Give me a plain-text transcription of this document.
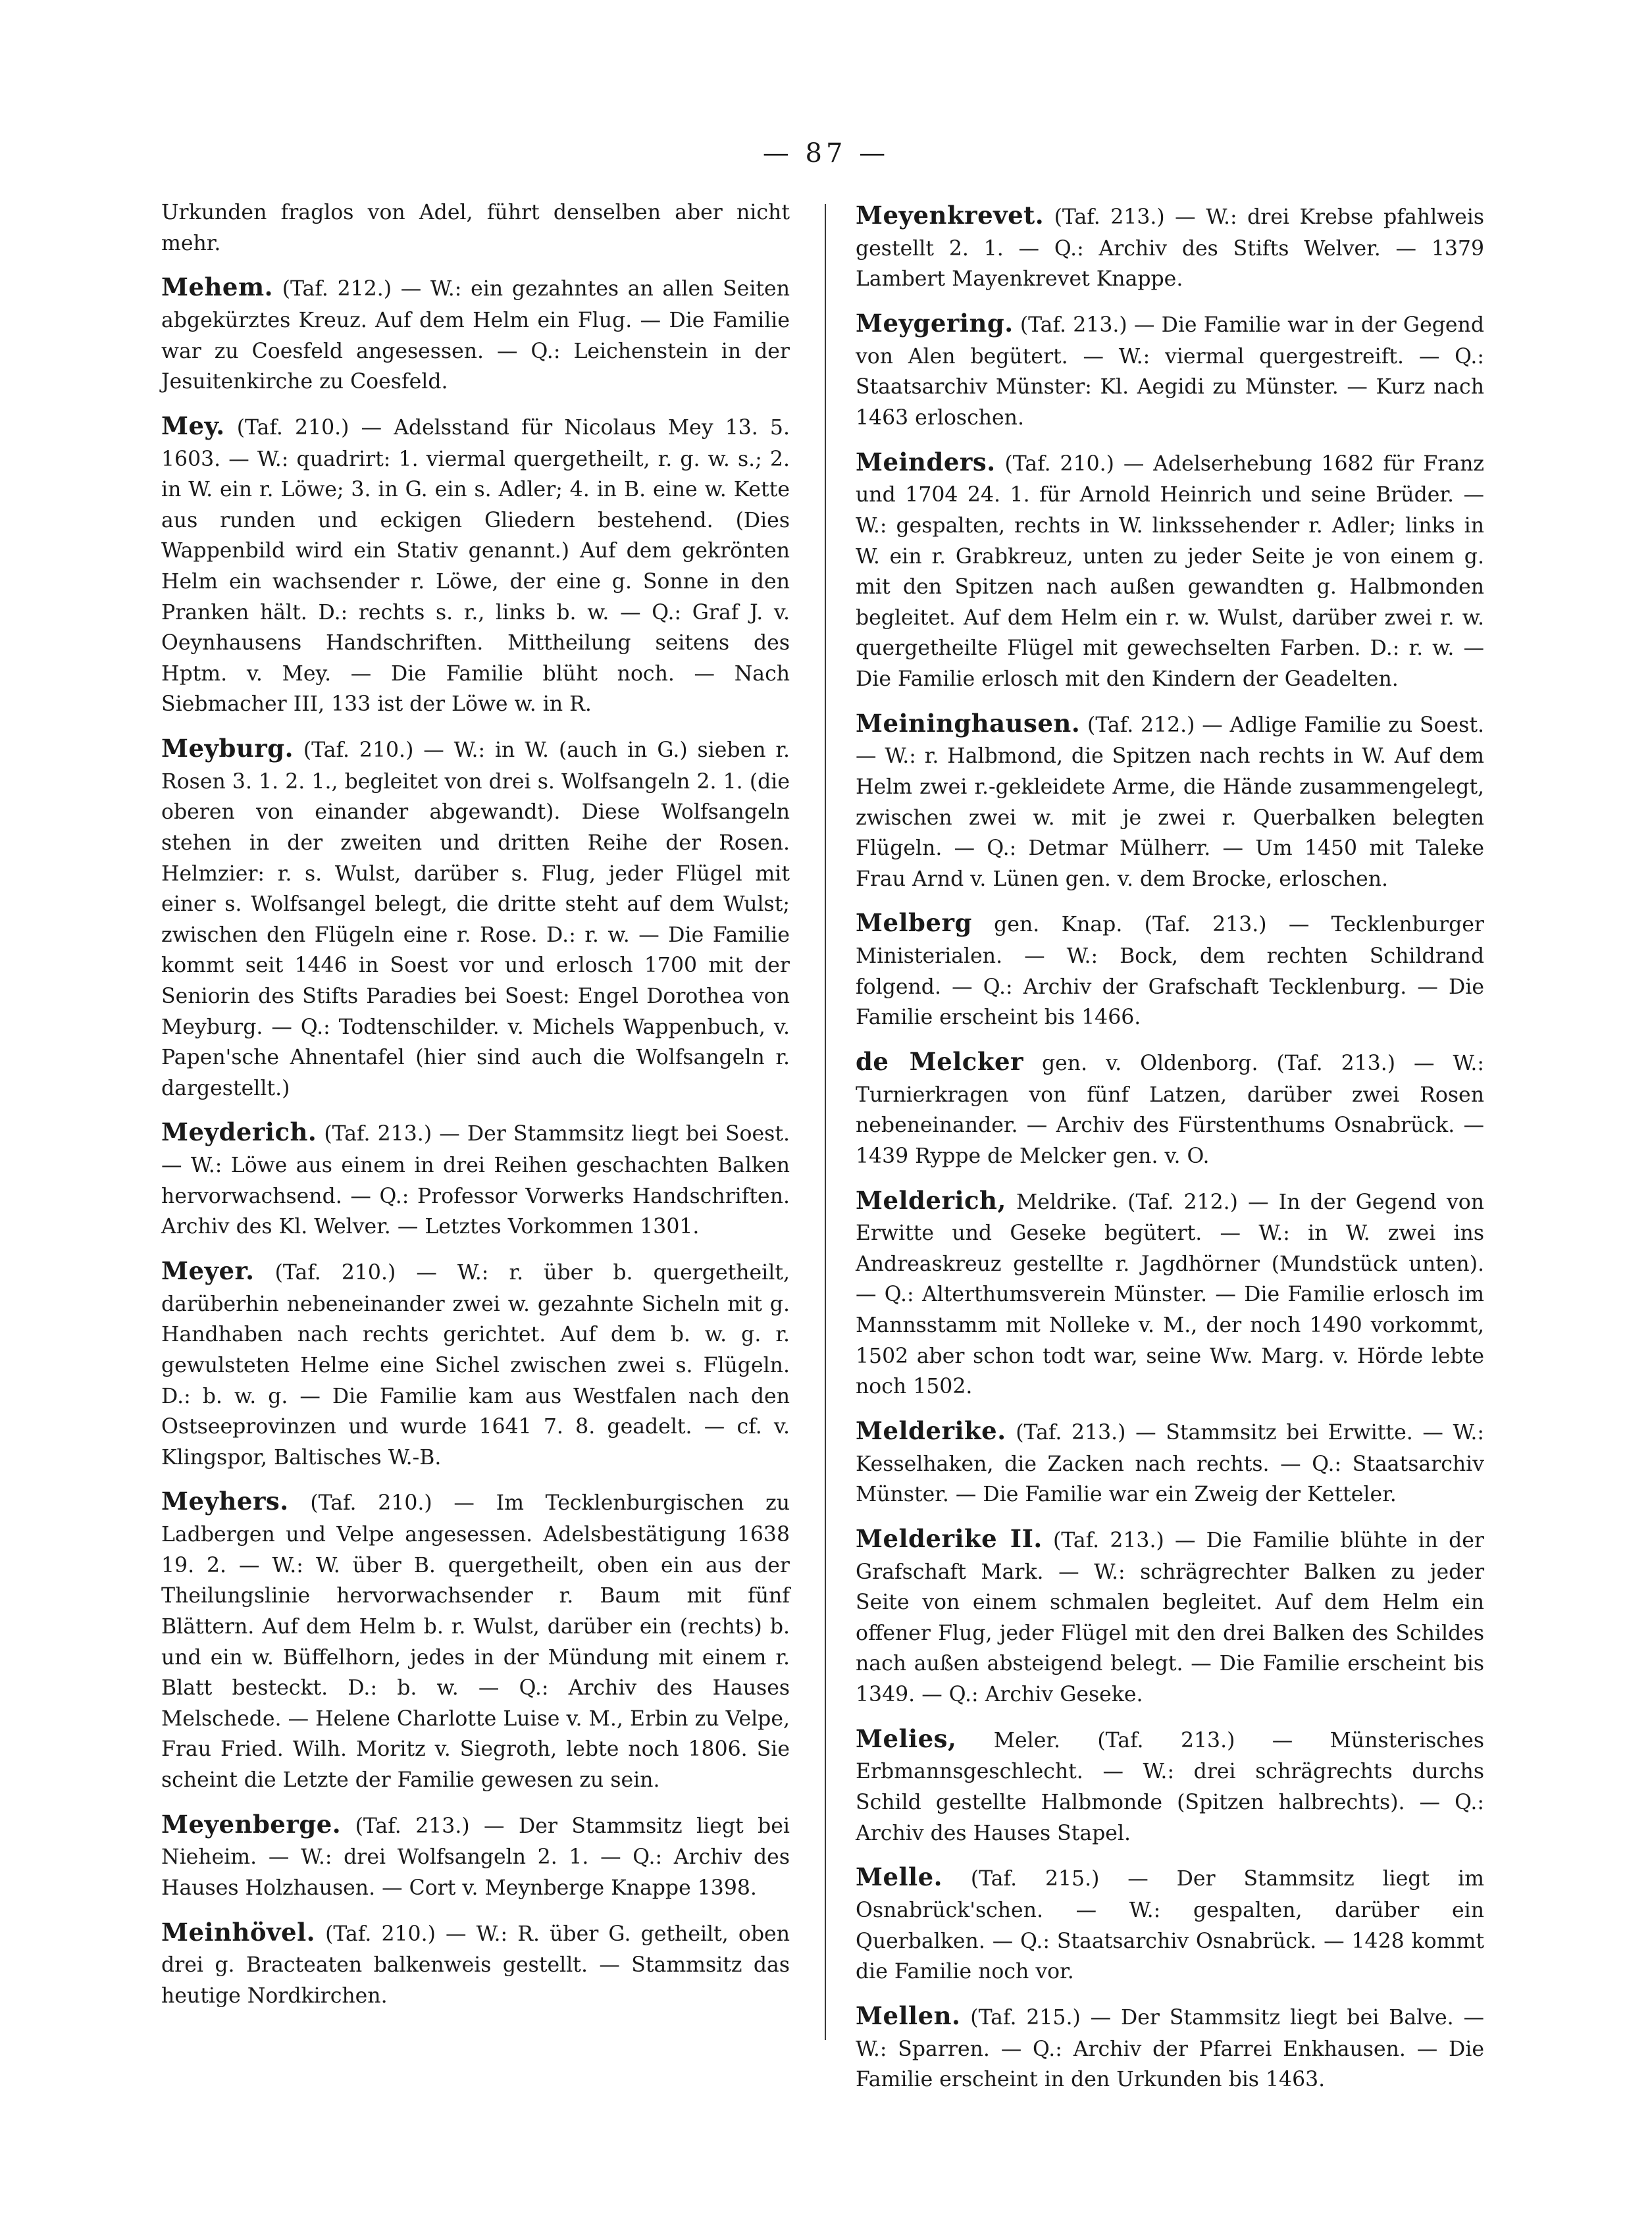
— 87 —

Urkunden fraglos von Adel, führt denselben aber nicht mehr.

Mehem. (Taf. 212.) — W.: ein gezahntes an allen Seiten abgekürztes Kreuz. Auf dem Helm ein Flug. — Die Familie war zu Coesfeld angesessen. — Q.: Leichenstein in der Jesuitenkirche zu Coesfeld.

Mey. (Taf. 210.) — Adelsstand für Nicolaus Mey 13. 5. 1603. — W.: quadrirt: 1. viermal quergetheilt, r. g. w. s.; 2. in W. ein r. Löwe; 3. in G. ein s. Adler; 4. in B. eine w. Kette aus runden und eckigen Gliedern bestehend. (Dies Wappenbild wird ein Stativ genannt.) Auf dem gekrönten Helm ein wachsender r. Löwe, der eine g. Sonne in den Pranken hält. D.: rechts s. r., links b. w. — Q.: Graf J. v. Oeynhausens Handschriften. Mittheilung seitens des Hptm. v. Mey. — Die Familie blüht noch. — Nach Siebmacher III, 133 ist der Löwe w. in R.

Meyburg. (Taf. 210.) — W.: in W. (auch in G.) sieben r. Rosen 3. 1. 2. 1., begleitet von drei s. Wolfsangeln 2. 1. (die oberen von einander abgewandt). Diese Wolfsangeln stehen in der zweiten und dritten Reihe der Rosen. Helmzier: r. s. Wulst, darüber s. Flug, jeder Flügel mit einer s. Wolfsangel belegt, die dritte steht auf dem Wulst; zwischen den Flügeln eine r. Rose. D.: r. w. — Die Familie kommt seit 1446 in Soest vor und erlosch 1700 mit der Seniorin des Stifts Paradies bei Soest: Engel Dorothea von Meyburg. — Q.: Todtenschilder. v. Michels Wappenbuch, v. Papen'sche Ahnentafel (hier sind auch die Wolfsangeln r. dargestellt.)

Meyderich. (Taf. 213.) — Der Stammsitz liegt bei Soest. — W.: Löwe aus einem in drei Reihen geschachten Balken hervorwachsend. — Q.: Professor Vorwerks Handschriften. Archiv des Kl. Welver. — Letztes Vorkommen 1301.

Meyer. (Taf. 210.) — W.: r. über b. quergetheilt, darüberhin nebeneinander zwei w. gezahnte Sicheln mit g. Handhaben nach rechts gerichtet. Auf dem b. w. g. r. gewulsteten Helme eine Sichel zwischen zwei s. Flügeln. D.: b. w. g. — Die Familie kam aus Westfalen nach den Ostseeprovinzen und wurde 1641 7. 8. geadelt. — cf. v. Klingspor, Baltisches W.-B.

Meyhers. (Taf. 210.) — Im Tecklenburgischen zu Ladbergen und Velpe angesessen. Adelsbestätigung 1638 19. 2. — W.: W. über B. quergetheilt, oben ein aus der Theilungslinie hervorwachsender r. Baum mit fünf Blättern. Auf dem Helm b. r. Wulst, darüber ein (rechts) b. und ein w. Büffelhorn, jedes in der Mündung mit einem r. Blatt besteckt. D.: b. w. — Q.: Archiv des Hauses Melschede. — Helene Charlotte Luise v. M., Erbin zu Velpe, Frau Fried. Wilh. Moritz v. Siegroth, lebte noch 1806. Sie scheint die Letzte der Familie gewesen zu sein.

Meyenberge. (Taf. 213.) — Der Stammsitz liegt bei Nieheim. — W.: drei Wolfsangeln 2. 1. — Q.: Archiv des Hauses Holzhausen. — Cort v. Meynberge Knappe 1398.

Meinhövel. (Taf. 210.) — W.: R. über G. getheilt, oben drei g. Bracteaten balkenweis gestellt. — Stammsitz das heutige Nordkirchen.

Meyenkrevet. (Taf. 213.) — W.: drei Krebse pfahlweis gestellt 2. 1. — Q.: Archiv des Stifts Welver. — 1379 Lambert Mayenkrevet Knappe.

Meygering. (Taf. 213.) — Die Familie war in der Gegend von Alen begütert. — W.: viermal quergestreift. — Q.: Staatsarchiv Münster: Kl. Aegidi zu Münster. — Kurz nach 1463 erloschen.

Meinders. (Taf. 210.) — Adelserhebung 1682 für Franz und 1704 24. 1. für Arnold Heinrich und seine Brüder. — W.: gespalten, rechts in W. linkssehender r. Adler; links in W. ein r. Grabkreuz, unten zu jeder Seite je von einem g. mit den Spitzen nach außen gewandten g. Halbmonden begleitet. Auf dem Helm ein r. w. Wulst, darüber zwei r. w. quergetheilte Flügel mit gewechselten Farben. D.: r. w. — Die Familie erlosch mit den Kindern der Geadelten.

Meininghausen. (Taf. 212.) — Adlige Familie zu Soest. — W.: r. Halbmond, die Spitzen nach rechts in W. Auf dem Helm zwei r.-gekleidete Arme, die Hände zusammengelegt, zwischen zwei w. mit je zwei r. Querbalken belegten Flügeln. — Q.: Detmar Mülherr. — Um 1450 mit Taleke Frau Arnd v. Lünen gen. v. dem Brocke, erloschen.

Melberg gen. Knap. (Taf. 213.) — Tecklenburger Ministerialen. — W.: Bock, dem rechten Schildrand folgend. — Q.: Archiv der Grafschaft Tecklenburg. — Die Familie erscheint bis 1466.

de Melcker gen. v. Oldenborg. (Taf. 213.) — W.: Turnierkragen von fünf Latzen, darüber zwei Rosen nebeneinander. — Archiv des Fürstenthums Osnabrück. — 1439 Ryppe de Melcker gen. v. O.

Melderich, Meldrike. (Taf. 212.) — In der Gegend von Erwitte und Geseke begütert. — W.: in W. zwei ins Andreaskreuz gestellte r. Jagdhörner (Mundstück unten). — Q.: Alterthumsverein Münster. — Die Familie erlosch im Mannsstamm mit Nolleke v. M., der noch 1490 vorkommt, 1502 aber schon todt war, seine Ww. Marg. v. Hörde lebte noch 1502.

Melderike. (Taf. 213.) — Stammsitz bei Erwitte. — W.: Kesselhaken, die Zacken nach rechts. — Q.: Staatsarchiv Münster. — Die Familie war ein Zweig der Ketteler.

Melderike II. (Taf. 213.) — Die Familie blühte in der Grafschaft Mark. — W.: schrägrechter Balken zu jeder Seite von einem schmalen begleitet. Auf dem Helm ein offener Flug, jeder Flügel mit den drei Balken des Schildes nach außen absteigend belegt. — Die Familie erscheint bis 1349. — Q.: Archiv Geseke.

Melies, Meler. (Taf. 213.) — Münsterisches Erbmannsgeschlecht. — W.: drei schrägrechts durchs Schild gestellte Halbmonde (Spitzen halbrechts). — Q.: Archiv des Hauses Stapel.

Melle. (Taf. 215.) — Der Stammsitz liegt im Osnabrück'schen. — W.: gespalten, darüber ein Querbalken. — Q.: Staatsarchiv Osnabrück. — 1428 kommt die Familie noch vor.

Mellen. (Taf. 215.) — Der Stammsitz liegt bei Balve. — W.: Sparren. — Q.: Archiv der Pfarrei Enkhausen. — Die Familie erscheint in den Urkunden bis 1463.
